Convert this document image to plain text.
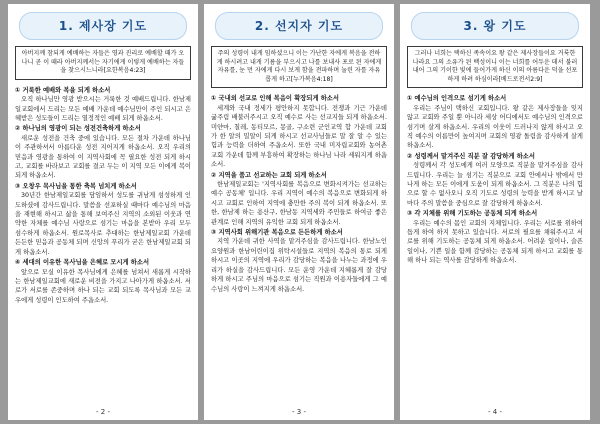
1. 제사장 기도
아버지께 참되게 예배하는 자들은 영과 진리로 예배할 때가 오나니 곧 이 때라 아버지께서는 자기에게 이렇게 예배하는 자들을 찾으시느니라[요한복음4:23]

① 거룩한 예배와 복을 되게 하소서
오직 하나님만 영광 받으시는 거룩한 것 예배드립니다. 한남제일교회에서 드리는 모든 예배 가운데 예수님만이 주인 되시고 은혜받은 성도들이 드리는 열정적인 예배 되게 하옵소서.

② 하나님의 영광이 되는 성전건축하게 하소서
새로운 성전을 건축 중에 있습니다. 모든 절차 가운데 하나님이 주관하셔서 아름다운 성전 지어지게 하옵소서. 오직 우리의 믿음과 영광을 통하여 이 지역사회에 꼭 필요한 성전 되게 하시고, 교회를 바라보고 교회를 결코 두는 이 지역 모든 이에게 복이 되게 하옵소서.

③ 오창우 목사님을 통한 축복 넘치게 하소서
30년간 한남제일교회를 담임하셔 성도를 귀남게 섬성하게 인도하셨에 감사드립니다. 말씀을 선포하실 때마다 예수님의 마음을 재현해 하시고 삶을 통해 보여주신 지역의 소외된 이웃과 연약한 자체를 예수님 사랑으로 섬기는 마음을 본받아 우리 모두 섬수하게 하옵소서. 원로목사로 추대하는 한남제일교회 가운데 든든한 믿음과 공동체 되며 신앙의 푸리가 굳은 한남제일교회 되게 하옵소서.

④ 세대의 이유한 목사님을 은혜로 모시게 하소서
앞으로 모실 이유한 목사님에게 은혜를 넘쳐서 새롭게 시작하는 한남제일교회에 새로운 비전을 가지고 나아가게 하옵소서. 서로가 서로를 존중하며 하나 되는 교회 되도록 목사님과 모든 교우에게 성령이 인도하여 주옵소서.

- 2 -
2. 선지자 기도
주의 성령이 내게 임하셨으니 이는 가난한 자에게 복음을 전하게 하시려고 내게 기름을 부으시고 나를 보내사 포로 된 자에게 자유를, 눈 먼 자에게 다시 보게 함을 전파하며 눌린 자를 자유롭게 하고[누가복음4:18]

① 국내외 선교로 인해 복음이 확장되게 하소서
세계와 국내 정세가 평안하지 못합니다. 전쟁과 기근 가운데 굶주림 배불러주시고 오직 예수로 사는 선교지들 되게 하옵소서. 미얀마, 칠레, 동티모르, 몽골, 구소련 군인교역 합 가운데 교회가 한 알의 밀알이 되게 하시고 선교사님들로 말 잘 알 수 있는 힘과 능력을 더하여 주옵소서. 또한 국내 미자립교회와 농어촌 교회 가운데 함께 부흥하여 확장하는 하나님 나라 세워지게 하옵소서.

② 지역을 품고 선교하는 교회 되게 하소서
한남제일교회는 '지역사회를 복음으로 변화시켜가는 선교하는 예수 공동체' 입니다. 우리 지역이 예수의 복음으로 변화되게 하시고 교회로 인하여 지역에 충만한 주의 복이 되게 하옵소서. 또한, 한남제 하는 용산구, 한남동 지역세와 주민들로 하여금 좋은 관계로 인해 지역의 유익한 교회 되게 하옵소서.

③ 지역사회 위해기관 복음으로 든든하게 하소서
지역 가운데 귀한 사역을 맡겨주심을 감사드립니다. 한남노인요양원과 한남어린이집 위탁시설들로 지역의 복음의 통로 되게 하시고 이곳의 지역에 우리가 감당하는 복음을 나누는 과정에 우리가 하실을 감사드립니다. 모든 운영 가운데 지혜롭게 잘 감당하게 하시고 주님의 마음으로 섬기는 직원과 이용자들에게 그 예수님의 사랑이 느껴지게 하옵소서.

- 3 -
3. 왕 기도
그러나 너희는 택하신 족속이요 왕 같은 제사장들이요 거룩한 나라요 그의 소유가 된 백성이니 이는 너희를 어두운 데서 불러 내어 그의 기이한 빛에 들어가게 하신 이의 아름다운 덕을 선포하게 하려 하심이라[베드로전서2:9]

① 예수님의 인격으로 섬기게 하소서
우리는 주님이 택하신 교회입니다. 왕 같은 제사장들을 잊지 않고 교회와 주일 뿐 아니라 세상 어디에서도 예수님의 인격으로 섬기며 살게 하옵소서. 우리의 이웃이 드러나지 않게 하시고 오직 예수의 이름만이 높여지며 교회의 영광 돌림을 감사하게 살게 하옵소서.

② 성령께서 맡겨주신 직분 잘 감당하게 하소서
성령께서 각 성도에게 여러 모양으로 직분을 맡겨주심을 감사드립니다. 우리는 늘 섬기는 직분으로 교회 안에서나 밖에서 만나게 하는 모든 이에게 도움이 되게 하옵소서. 그 직분은 나의 힘으로 할 수 없사오니 오직 기도로 성령의 능력을 받게 하시고 날마다 주의 말씀을 중심으로 잘 감당하게 하옵소서.

③ 각 지체를 위해 기도하는 공동체 되게 하소서
우리는 예수의 몸인 교회의 지체입니다. 우리는 서로를 위하여 돕게 하여 하지 못하고 있습니다. 서로의 필요를 채워주시고 서로를 위해 기도하는 공동체 되게 하옵소서. 어려운 일이나, 슬픈 일이나, 기쁜 일을 함께 감당하는 공동체 되게 하시고 교회를 통해 하나 되는 역사를 감당하게 하옵소서.

- 4 -
